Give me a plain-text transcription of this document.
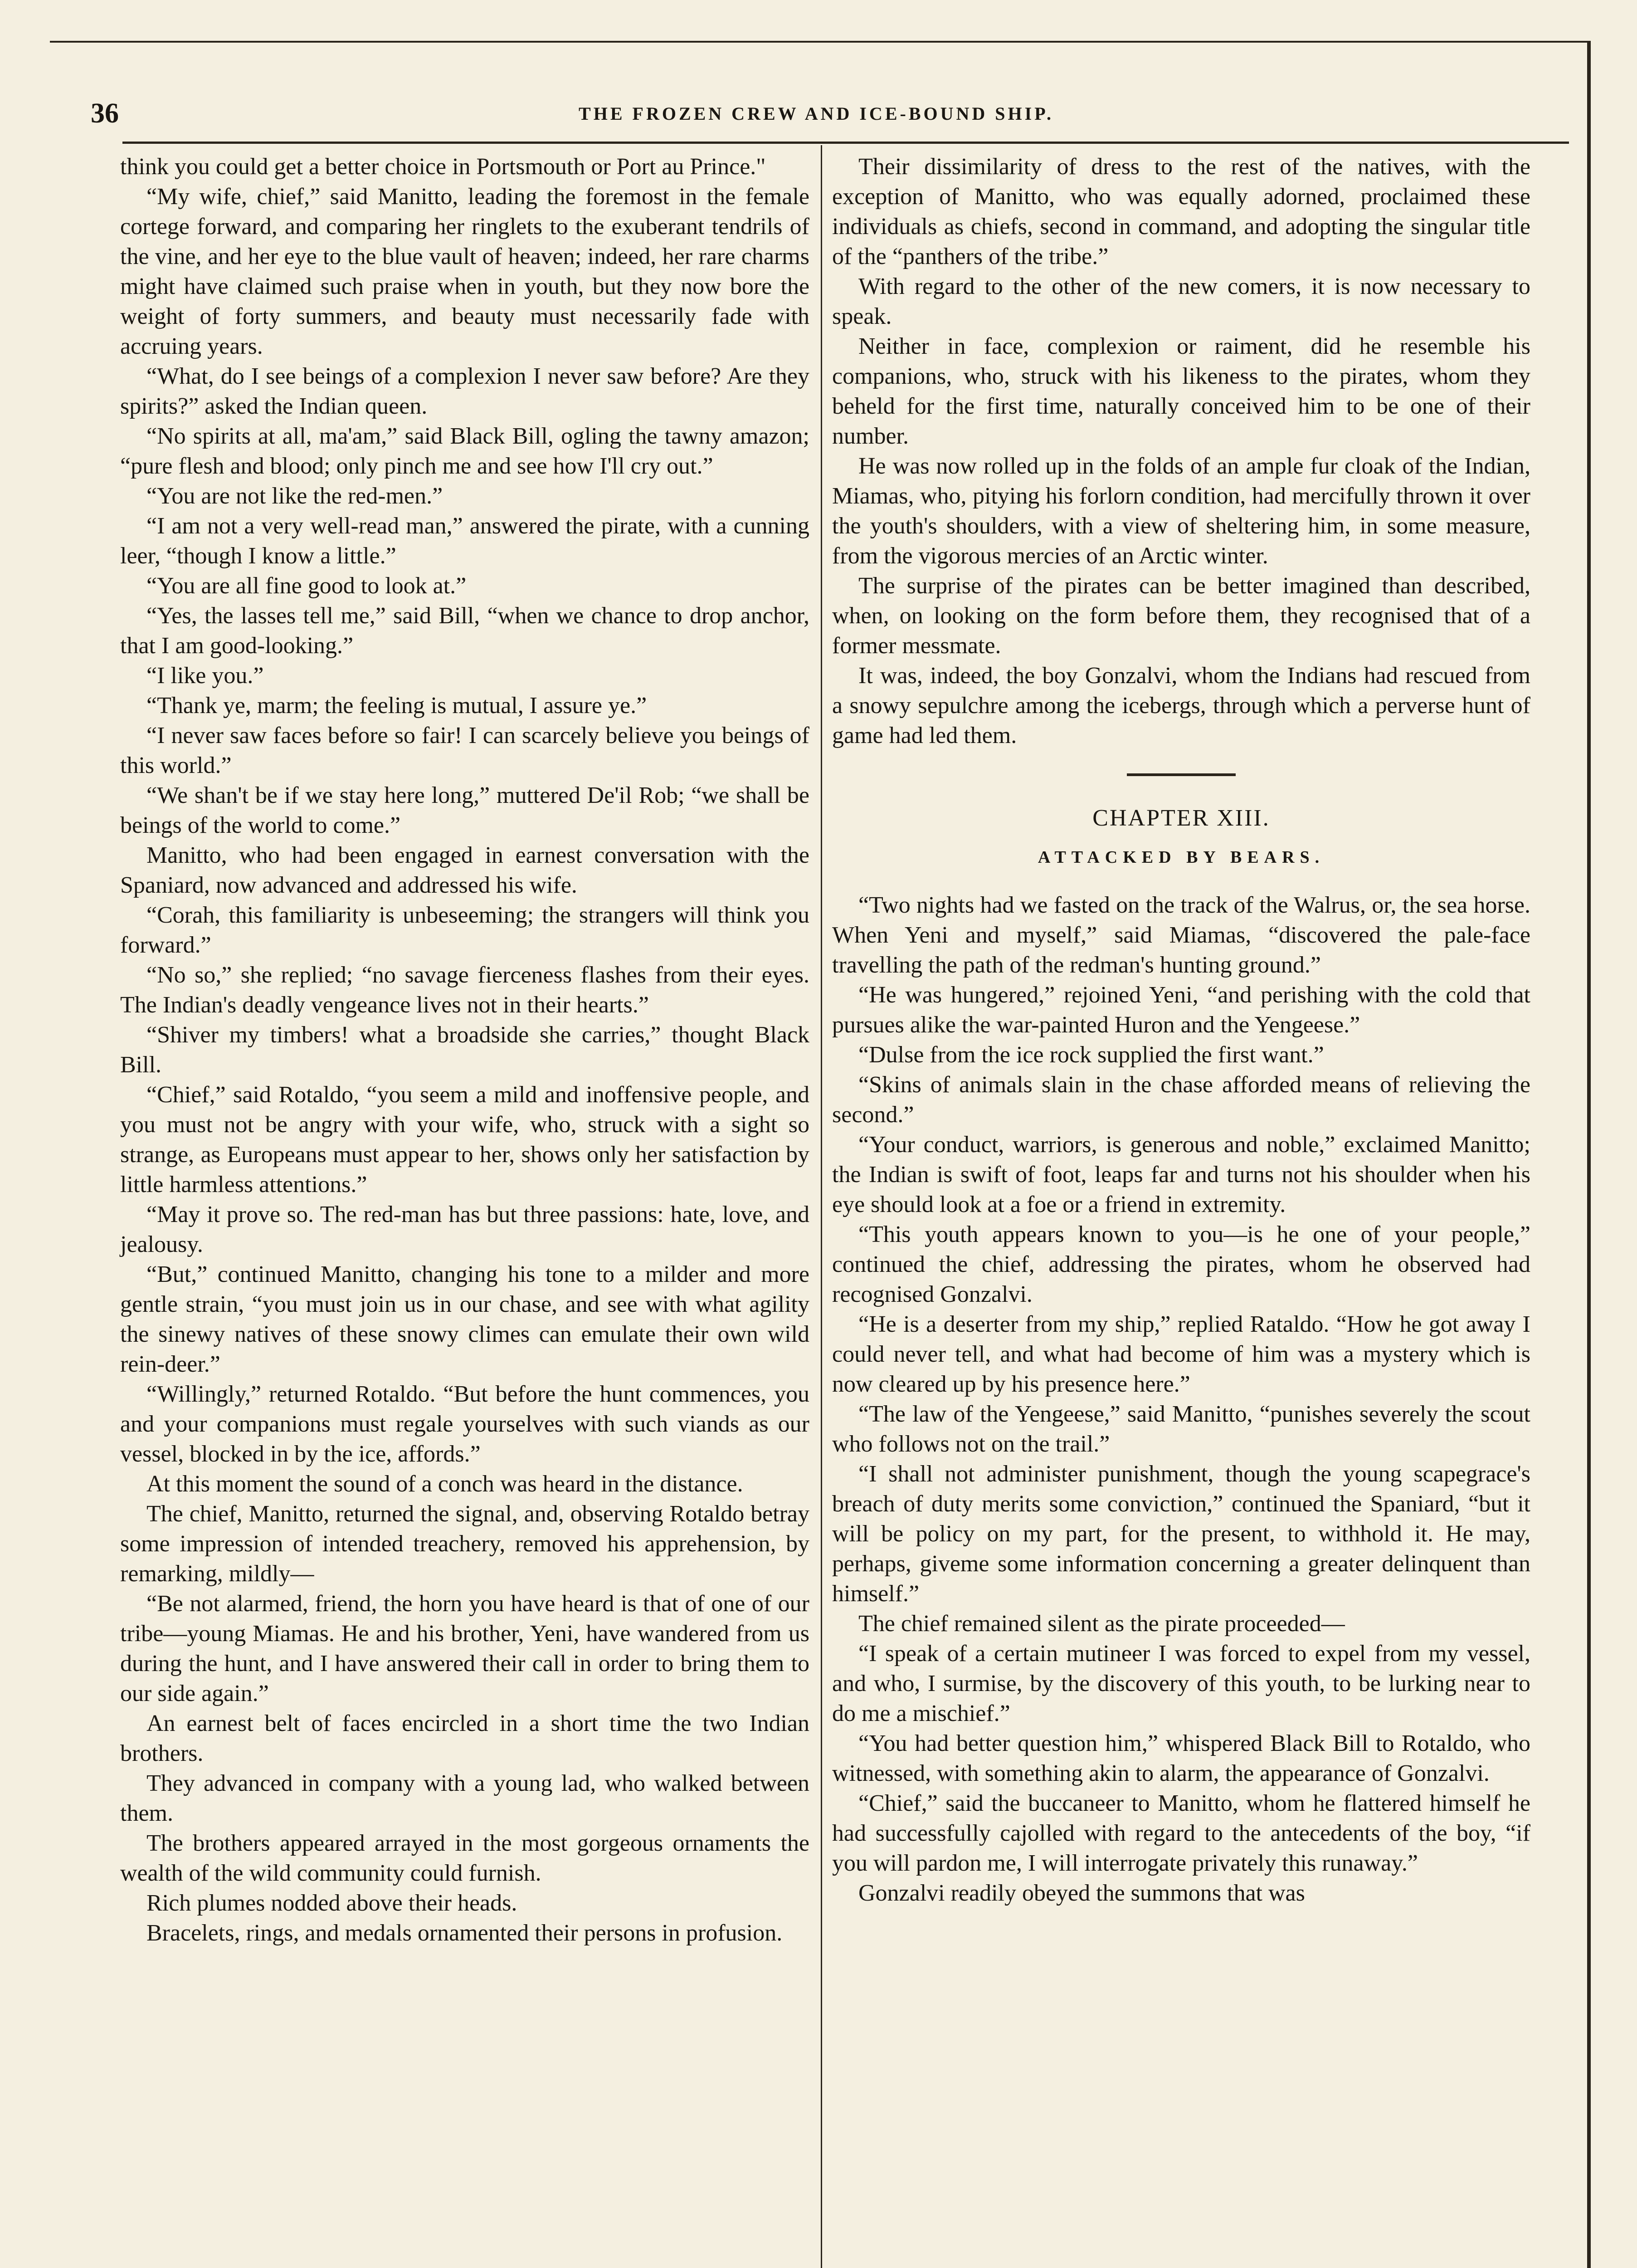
36	THE FROZEN CREW AND ICE-BOUND SHIP.

think you could get a better choice in Portsmouth or Port au Prince."

“My wife, chief,” said Manitto, leading the foremost in the female cortege forward, and comparing her ringlets to the exuberant tendrils of the vine, and her eye to the blue vault of heaven; indeed, her rare charms might have claimed such praise when in youth, but they now bore the weight of forty summers, and beauty must necessarily fade with accruing years.

“What, do I see beings of a complexion I never saw before? Are they spirits?” asked the Indian queen.

“No spirits at all, ma'am,” said Black Bill, ogling the tawny amazon; “pure flesh and blood; only pinch me and see how I'll cry out.”

“You are not like the red-men.”

“I am not a very well-read man,” answered the pirate, with a cunning leer, “though I know a little.”

“You are all fine good to look at.”

“Yes, the lasses tell me,” said Bill, “when we chance to drop anchor, that I am good-looking.”

“I like you.”

“Thank ye, marm; the feeling is mutual, I assure ye.”

“I never saw faces before so fair! I can scarcely believe you beings of this world.”

“We shan't be if we stay here long,” muttered De'il Rob; “we shall be beings of the world to come.”

Manitto, who had been engaged in earnest conversation with the Spaniard, now advanced and addressed his wife.

“Corah, this familiarity is unbeseeming; the strangers will think you forward.”

“No so,” she replied; “no savage fierceness flashes from their eyes. The Indian's deadly vengeance lives not in their hearts.”

“Shiver my timbers! what a broadside she carries,” thought Black Bill.

“Chief,” said Rotaldo, “you seem a mild and inoffensive people, and you must not be angry with your wife, who, struck with a sight so strange, as Europeans must appear to her, shows only her satisfaction by little harmless attentions.”

“May it prove so. The red-man has but three passions: hate, love, and jealousy.

“But,” continued Manitto, changing his tone to a milder and more gentle strain, “you must join us in our chase, and see with what agility the sinewy natives of these snowy climes can emulate their own wild rein-deer.”

“Willingly,” returned Rotaldo. “But before the hunt commences, you and your companions must regale yourselves with such viands as our vessel, blocked in by the ice, affords.”

At this moment the sound of a conch was heard in the distance.

The chief, Manitto, returned the signal, and, observing Rotaldo betray some impression of intended treachery, removed his apprehension, by remarking, mildly—

“Be not alarmed, friend, the horn you have heard is that of one of our tribe—young Miamas. He and his brother, Yeni, have wandered from us during the hunt, and I have answered their call in order to bring them to our side again.”

An earnest belt of faces encircled in a short time the two Indian brothers.

They advanced in company with a young lad, who walked between them.

The brothers appeared arrayed in the most gorgeous ornaments the wealth of the wild community could furnish.

Rich plumes nodded above their heads.

Bracelets, rings, and medals ornamented their persons in profusion.

Their dissimilarity of dress to the rest of the natives, with the exception of Manitto, who was equally adorned, proclaimed these individuals as chiefs, second in command, and adopting the singular title of the “panthers of the tribe.”

With regard to the other of the new comers, it is now necessary to speak.

Neither in face, complexion or raiment, did he resemble his companions, who, struck with his likeness to the pirates, whom they beheld for the first time, naturally conceived him to be one of their number.

He was now rolled up in the folds of an ample fur cloak of the Indian, Miamas, who, pitying his forlorn condition, had mercifully thrown it over the youth's shoulders, with a view of sheltering him, in some measure, from the vigorous mercies of an Arctic winter.

The surprise of the pirates can be better imagined than described, when, on looking on the form before them, they recognised that of a former messmate.

It was, indeed, the boy Gonzalvi, whom the Indians had rescued from a snowy sepulchre among the icebergs, through which a perverse hunt of game had led them.

CHAPTER XIII.
ATTACKED BY BEARS.

“Two nights had we fasted on the track of the Walrus, or, the sea horse. When Yeni and myself,” said Miamas, “discovered the pale-face travelling the path of the redman's hunting ground.”

“He was hungered,” rejoined Yeni, “and perishing with the cold that pursues alike the war-painted Huron and the Yengeese.”

“Dulse from the ice rock supplied the first want.”

“Skins of animals slain in the chase afforded means of relieving the second.”

“Your conduct, warriors, is generous and noble,” exclaimed Manitto; the Indian is swift of foot, leaps far and turns not his shoulder when his eye should look at a foe or a friend in extremity.

“This youth appears known to you—is he one of your people,” continued the chief, addressing the pirates, whom he observed had recognised Gonzalvi.

“He is a deserter from my ship,” replied Rataldo. “How he got away I could never tell, and what had become of him was a mystery which is now cleared up by his presence here.”

“The law of the Yengeese,” said Manitto, “punishes severely the scout who follows not on the trail.”

“I shall not administer punishment, though the young scapegrace's breach of duty merits some conviction,” continued the Spaniard, “but it will be policy on my part, for the present, to withhold it. He may, perhaps, giveme some information concerning a greater delinquent than himself.”

The chief remained silent as the pirate proceeded—

“I speak of a certain mutineer I was forced to expel from my vessel, and who, I surmise, by the discovery of this youth, to be lurking near to do me a mischief.”

“You had better question him,” whispered Black Bill to Rotaldo, who witnessed, with something akin to alarm, the appearance of Gonzalvi.

“Chief,” said the buccaneer to Manitto, whom he flattered himself he had successfully cajolled with regard to the antecedents of the boy, “if you will pardon me, I will interrogate privately this runaway.”

Gonzalvi readily obeyed the summons that was
